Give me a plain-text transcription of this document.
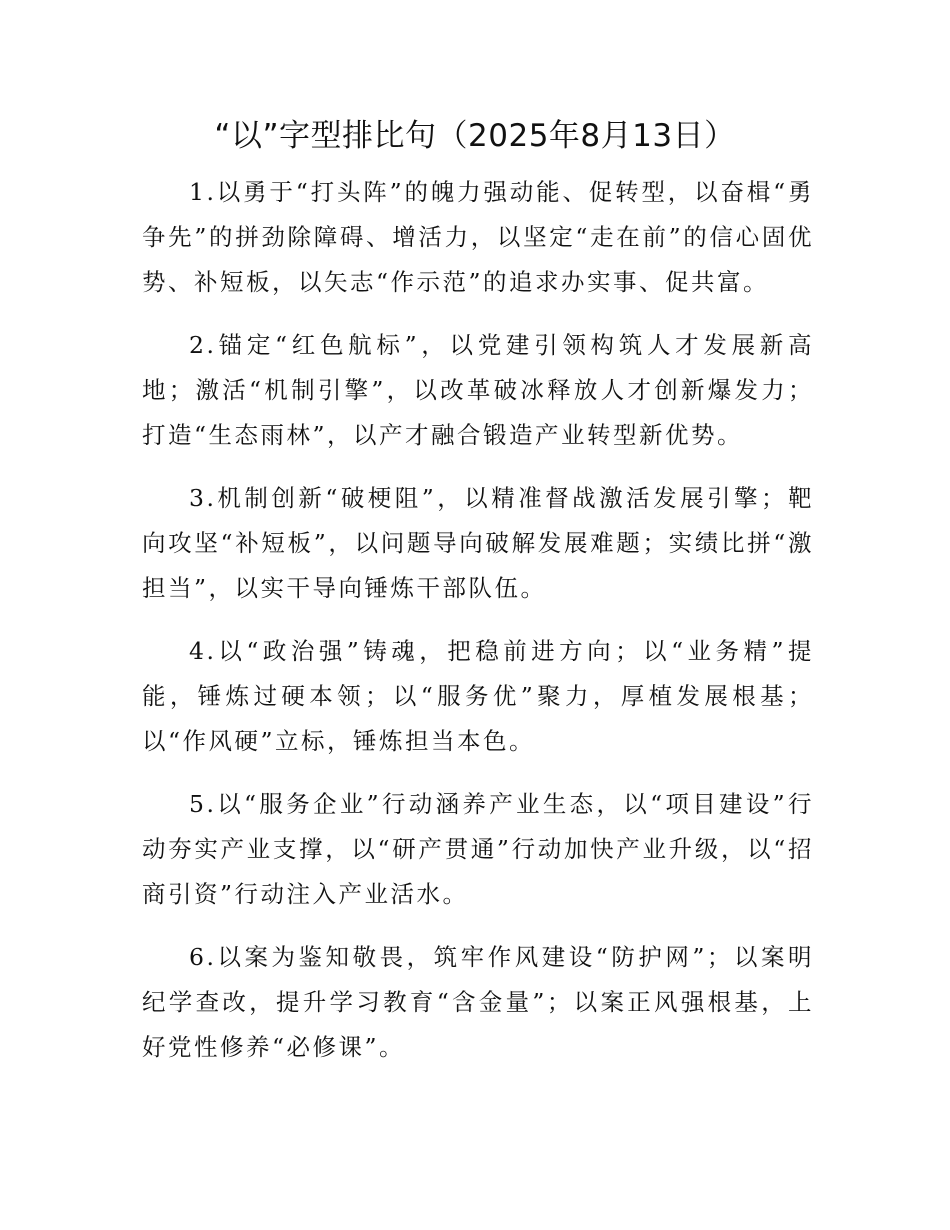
“以”字型排比句（2025年8月13日）

1.以勇于“打头阵”的魄力强动能、促转型，以奋楫“勇争先”的拼劲除障碍、增活力，以坚定“走在前”的信心固优势、补短板，以矢志“作示范”的追求办实事、促共富。

2.锚定“红色航标”，以党建引领构筑人才发展新高地；激活“机制引擎”，以改革破冰释放人才创新爆发力；打造“生态雨林”，以产才融合锻造产业转型新优势。

3.机制创新“破梗阻”，以精准督战激活发展引擎；靶向攻坚“补短板”，以问题导向破解发展难题；实绩比拼“激担当”，以实干导向锤炼干部队伍。

4.以“政治强”铸魂，把稳前进方向；以“业务精”提能，锤炼过硬本领；以“服务优”聚力，厚植发展根基；以“作风硬”立标，锤炼担当本色。

5.以“服务企业”行动涵养产业生态，以“项目建设”行动夯实产业支撑，以“研产贯通”行动加快产业升级，以“招商引资”行动注入产业活水。

6.以案为鉴知敬畏，筑牢作风建设“防护网”；以案明纪学查改，提升学习教育“含金量”；以案正风强根基，上好党性修养“必修课”。
